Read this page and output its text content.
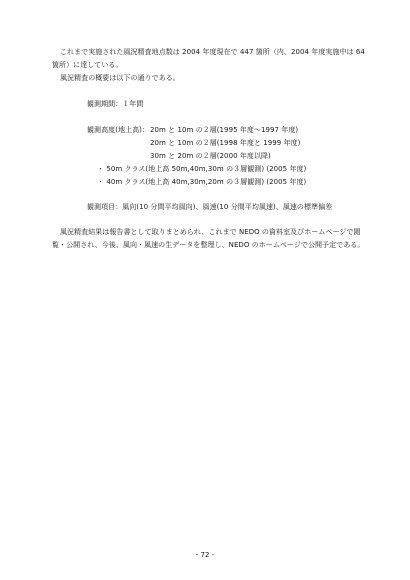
これまで実施された風況精査地点数は 2004 年度現在で 447 箇所（内、2004 年度実施中は 64
箇所）に達している。
風況精査の概要は以下の通りである。
観測期間：１年間
観測高度(地上高)： 20m と 10m の２層(1995 年度～1997 年度)
20m と 10m の２層(1998 年度と 1999 年度)
30m と 20m の２層(2000 年度以降)
・ 50m クラス(地上高 50m,40m,30m の３層観測) (2005 年度)
・ 40m クラス(地上高 40m,30m,20m の３層観測) (2005 年度)
観測項目：風向(10 分間平均風向)、風速(10 分間平均風速)、風速の標準偏差
風況精査結果は報告書として取りまとめられ、これまで NEDO の資料室及びホームページで閲
覧・公開され、今後、風向・風速の生データを整理し、NEDO のホームページで公開予定である。
- 72 -
